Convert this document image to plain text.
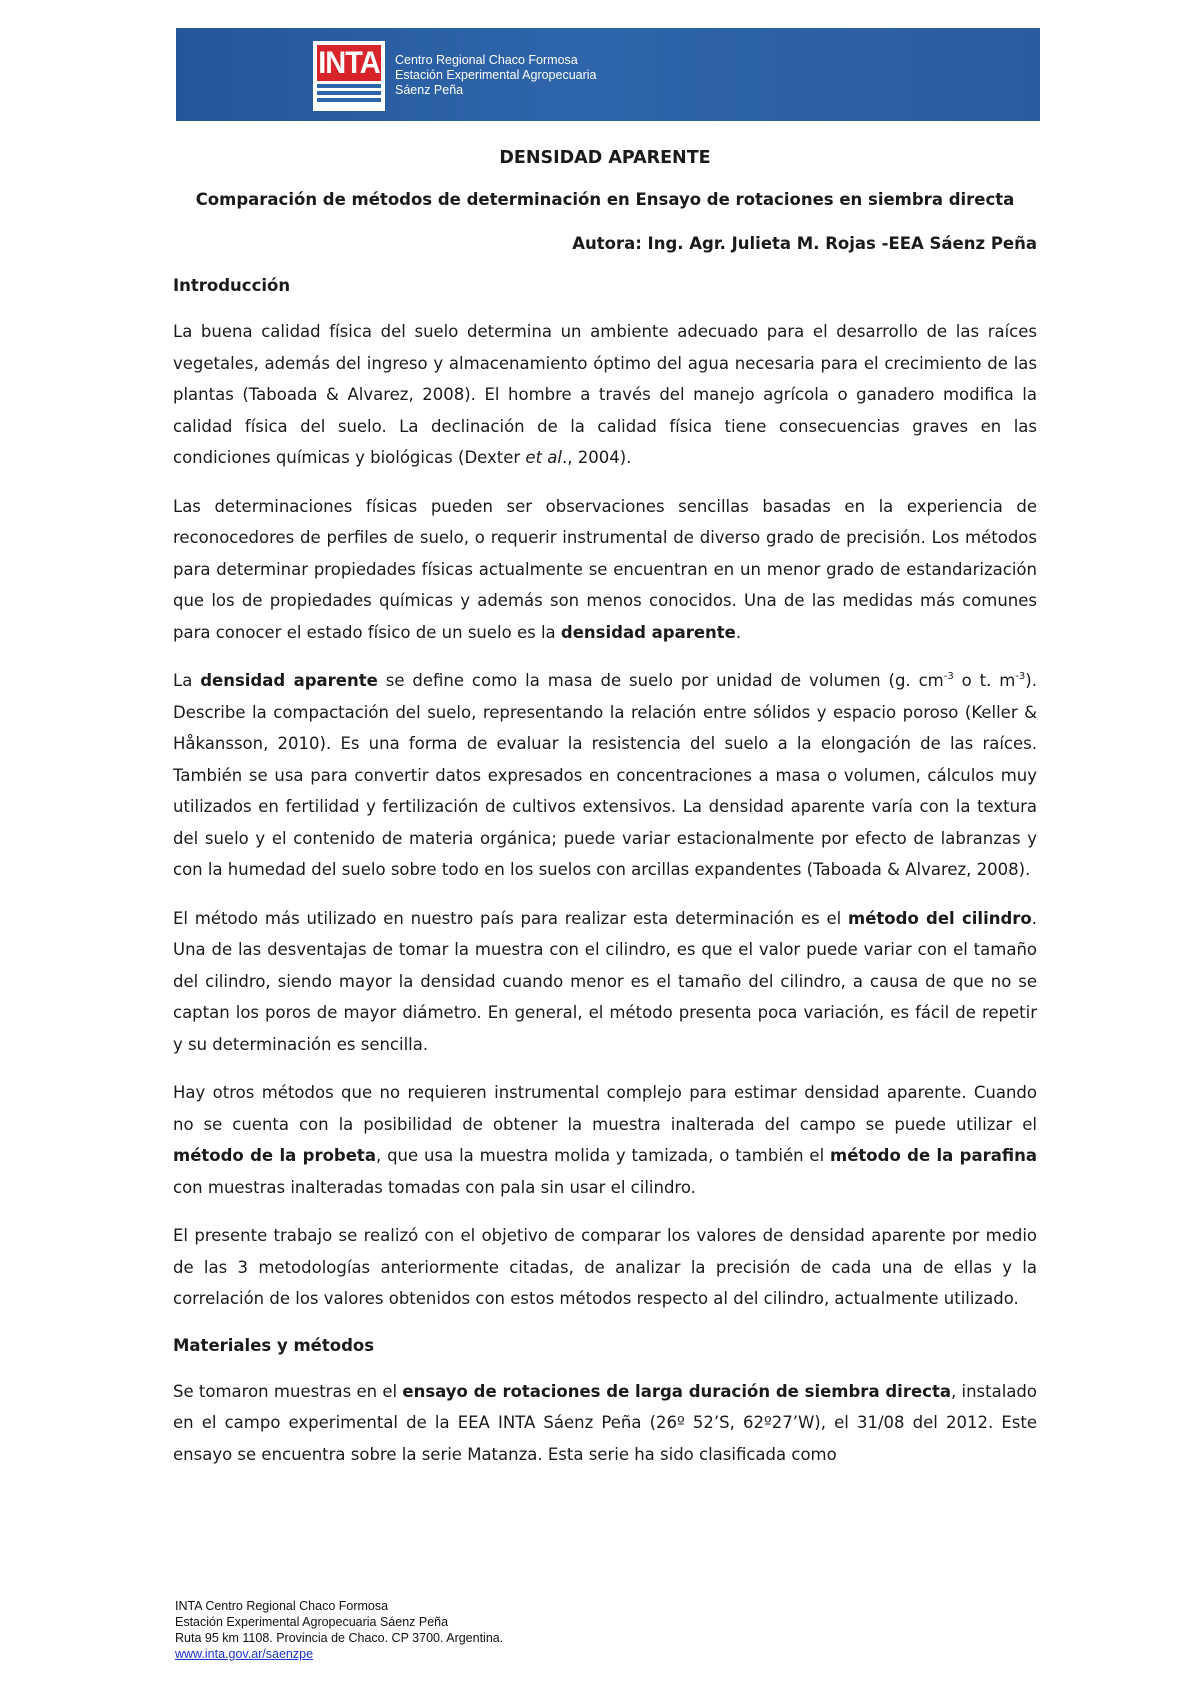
INTA Centro Regional Chaco Formosa
Estación Experimental Agropecuaria
Sáenz Peña
DENSIDAD APARENTE
Comparación de métodos de determinación en Ensayo de rotaciones en siembra directa
Autora: Ing. Agr. Julieta M. Rojas -EEA Sáenz Peña
Introducción

La buena calidad física del suelo determina un ambiente adecuado para el desarrollo de las raíces vegetales, además del ingreso y almacenamiento óptimo del agua necesaria para el crecimiento de las plantas (Taboada & Alvarez, 2008). El hombre a través del manejo agrícola o ganadero modifica la calidad física del suelo. La declinación de la calidad física tiene consecuencias graves en las condiciones químicas y biológicas (Dexter et al., 2004).

Las determinaciones físicas pueden ser observaciones sencillas basadas en la experiencia de reconocedores de perfiles de suelo, o requerir instrumental de diverso grado de precisión. Los métodos para determinar propiedades físicas actualmente se encuentran en un menor grado de estandarización que los de propiedades químicas y además son menos conocidos. Una de las medidas más comunes para conocer el estado físico de un suelo es la densidad aparente.

La densidad aparente se define como la masa de suelo por unidad de volumen (g. $cm^{-3}$ o t. $m^{-3}$). Describe la compactación del suelo, representando la relación entre sólidos y espacio poroso (Keller & Håkansson, 2010). Es una forma de evaluar la resistencia del suelo a la elongación de las raíces. También se usa para convertir datos expresados en concentraciones a masa o volumen, cálculos muy utilizados en fertilidad y fertilización de cultivos extensivos. La densidad aparente varía con la textura del suelo y el contenido de materia orgánica; puede variar estacionalmente por efecto de labranzas y con la humedad del suelo sobre todo en los suelos con arcillas expandentes (Taboada & Alvarez, 2008).

El método más utilizado en nuestro país para realizar esta determinación es el método del cilindro. Una de las desventajas de tomar la muestra con el cilindro, es que el valor puede variar con el tamaño del cilindro, siendo mayor la densidad cuando menor es el tamaño del cilindro, a causa de que no se captan los poros de mayor diámetro. En general, el método presenta poca variación, es fácil de repetir y su determinación es sencilla.

Hay otros métodos que no requieren instrumental complejo para estimar densidad aparente. Cuando no se cuenta con la posibilidad de obtener la muestra inalterada del campo se puede utilizar el método de la probeta, que usa la muestra molida y tamizada, o también el método de la parafina con muestras inalteradas tomadas con pala sin usar el cilindro.

El presente trabajo se realizó con el objetivo de comparar los valores de densidad aparente por medio de las 3 metodologías anteriormente citadas, de analizar la precisión de cada una de ellas y la correlación de los valores obtenidos con estos métodos respecto al del cilindro, actualmente utilizado.

Materiales y métodos

Se tomaron muestras en el ensayo de rotaciones de larga duración de siembra directa, instalado en el campo experimental de la EEA INTA Sáenz Peña (26º 52’S, 62º27’W), el 31/08 del 2012. Este ensayo se encuentra sobre la serie Matanza. Esta serie ha sido clasificada como

INTA Centro Regional Chaco Formosa
Estación Experimental Agropecuaria Sáenz Peña
Ruta 95 km 1108. Provincia de Chaco. CP 3700. Argentina.
www.inta.gov.ar/saenzpe
